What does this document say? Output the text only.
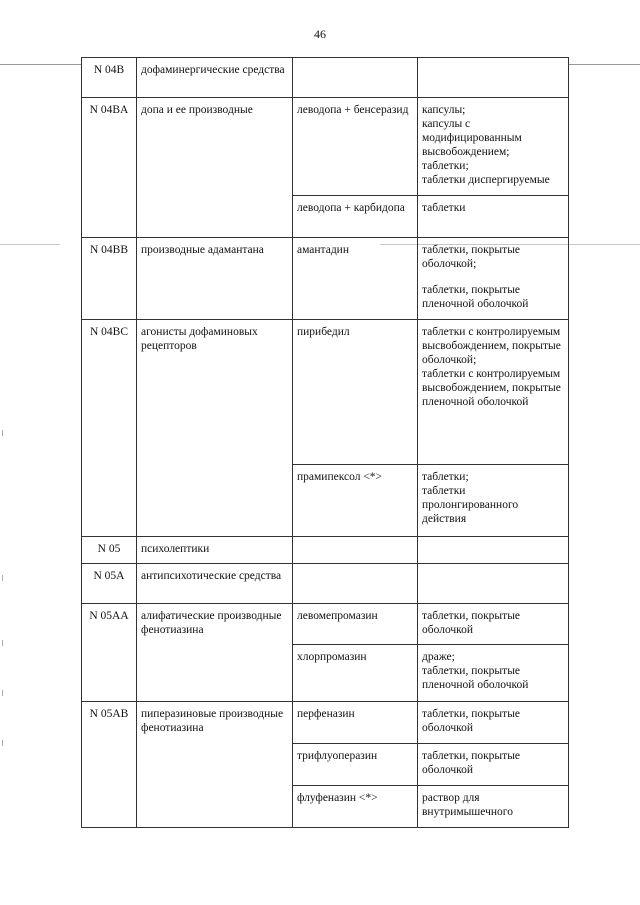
46
N 04B	дофаминергические средства		
N 04BA	допа и ее производные	леводопа + бенсеразид	капсулы;
капсулы с модифицированным высвобождением;
таблетки;
таблетки диспергируемые

		леводопа + карбидопа	таблетки

N 04BB	производные адамантана	амантадин	таблетки, покрытые оболочкой;
таблетки, покрытые пленочной оболочкой

N 04BC	агонисты дофаминовых рецепторов	пирибедил	таблетки с контролируемым высвобождением, покрытые оболочкой;
таблетки с контролируемым высвобождением, покрытые пленочной оболочкой

		прамипексол <*>	таблетки;
таблетки пролонгированного действия

N 05	психолептики		
N 05A	антипсихотические средства		
N 05AA	алифатические производные фенотиазина	левомепромазин	таблетки, покрытые оболочкой

		хлорпромазин	драже;
таблетки, покрытые пленочной оболочкой

N 05AB	пиперазиновые производные фенотиазина	перфеназин	таблетки, покрытые оболочкой

		трифлуоперазин	таблетки, покрытые оболочкой

		флуфеназин <*>	раствор для внутримышечного
